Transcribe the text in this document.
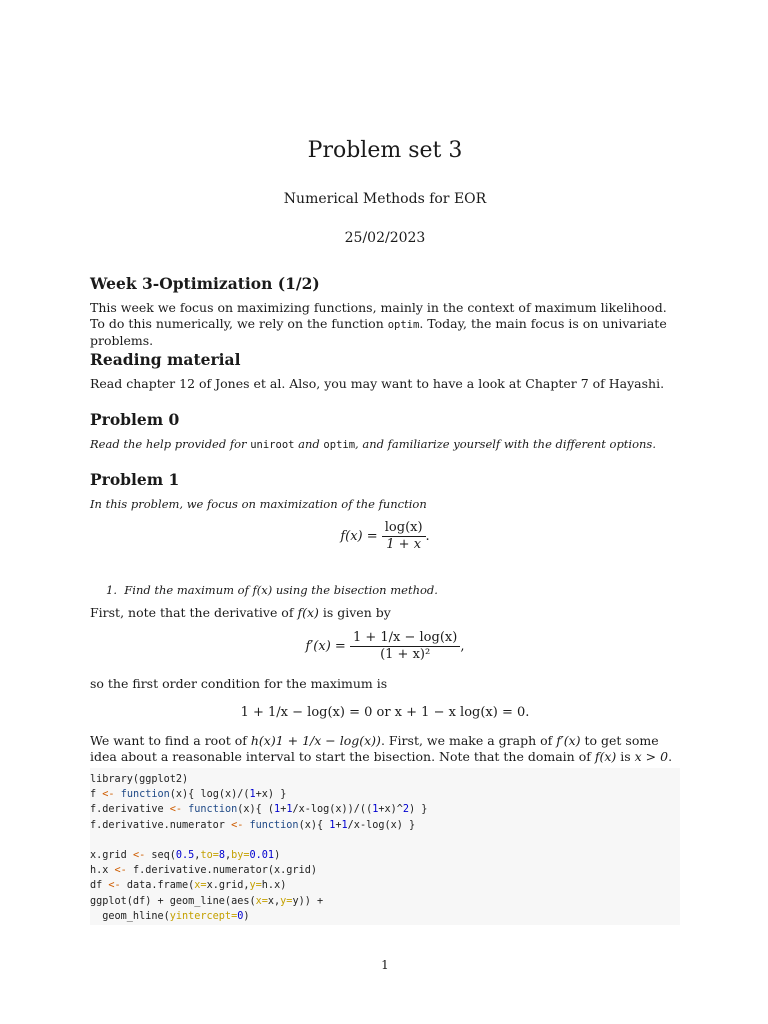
Problem set 3
Numerical Methods for EOR
25/02/2023
Week 3-Optimization (1/2)
This week we focus on maximizing functions, mainly in the context of maximum likelihood. To do this numerically, we rely on the function optim. Today, the main focus is on univariate problems.
Reading material
Read chapter 12 of Jones et al. Also, you may want to have a look at Chapter 7 of Hayashi.
Problem 0
Read the help provided for uniroot and optim, and familiarize yourself with the different options.
Problem 1
In this problem, we focus on maximization of the function
$f(x) = \frac{\log(x)}{1 + x}$ .
1. Find the maximum of f(x) using the bisection method.
First, note that the derivative of f(x) is given by
$f'(x) = \frac{1 + 1/x - \log(x)}{\text{(1 + x)²}}$ ,
so the first order condition for the maximum is
1 + 1/x − log(x) = 0 or x + 1 − x log(x) = 0.
We want to find a root of h(x)1 + 1/x − log(x)). First, we make a graph of f′(x) to get some idea about a reasonable interval to start the bisection. Note that the domain of f(x) is x > 0.
library(ggplot2)
f <- function(x){ log(x)/(1+x) }
f.derivative <- function(x){ (1+1/x-log(x))/((1+x)^2) }
f.derivative.numerator <- function(x){ 1+1/x-log(x) }

x.grid <- seq(0.5,to=8,by=0.01)
h.x <- f.derivative.numerator(x.grid)
df <- data.frame(x=x.grid,y=h.x)
ggplot(df) + geom_line(aes(x=x,y=y)) +
geom_hline(yintercept=0)
1
